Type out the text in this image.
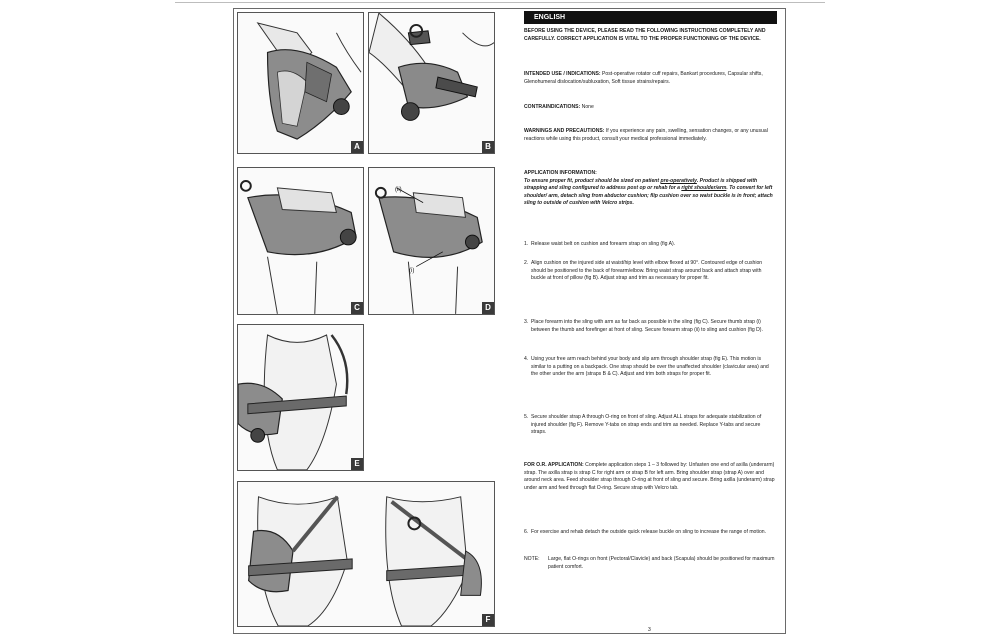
A	B
C
(ii)
(i)
D
E
F
ENGLISH
BEFORE USING THE DEVICE, PLEASE READ THE FOLLOWING INSTRUCTIONS COMPLETELY AND CAREFULLY. CORRECT APPLICATION IS VITAL TO THE PROPER FUNCTIONING OF THE DEVICE.
INTENDED USE / INDICATIONS: Post-operative rotator cuff repairs, Bankart procedures, Capsular shifts, Glenohumeral dislocation/subluxation, Soft tissue strains/repairs.
CONTRAINDICATIONS: None
WARNINGS AND PRECAUTIONS: If you experience any pain, swelling, sensation changes, or any unusual reactions while using this product, consult your medical professional immediately.
APPLICATION INFORMATION:
To ensure proper fit, product should be sized on patient pre-operatively. Product is shipped with strapping and sling configured to address post op or rehab for a right shoulder/arm. To convert for left shoulder/ arm, detach sling from abductor cushion; flip cushion over so waist buckle is in front; attach sling to outside of cushion with Velcro strips.
1. Release waist belt on cushion and forearm strap on sling (fig A).
2. Align cushion on the injured side at waist/hip level with elbow flexed at 90°. Contoured edge of cushion should be positioned to the back of forearm/elbow. Bring waist strap around back and attach strap with buckle at front of pillow (fig B). Adjust strap and trim as necessary for proper fit.
3. Place forearm into the sling with arm as far back as possible in the sling (fig C). Secure thumb strap (i) between the thumb and forefinger at front of sling. Secure forearm strap (ii) to sling and cushion (fig D).
4. Using your free arm reach behind your body and slip arm through shoulder strap (fig E). This motion is similar to a putting on a backpack. One strap should be over the unaffected shoulder (clavicular area) and the other under the arm (straps B & C). Adjust and trim both straps for proper fit.
5. Secure shoulder strap A through O-ring on front of sling. Adjust ALL straps for adequate stabilization of injured shoulder (fig F). Remove Y-tabs on strap ends and trim as needed. Replace Y-tabs and secure straps.
FOR O.R. APPLICATION: Complete application steps 1 – 3 followed by: Unfasten one end of axilla (underarm) strap. The axilla strap is strap C for right arm or strap B for left arm. Bring shoulder strap (strap A) over and around neck area. Feed shoulder strap through O-ring at front of sling and secure. Bring axilla (underarm) strap under arm and feed through flat O-ring. Secure strap with Velcro tab.
6. For exercise and rehab detach the outside quick release buckle on sling to increase the range of motion.
NOTE: Large, flat O-rings on front (Pectoral/Clavicle) and back (Scapula) should be positioned for maximum patient comfort.
3
